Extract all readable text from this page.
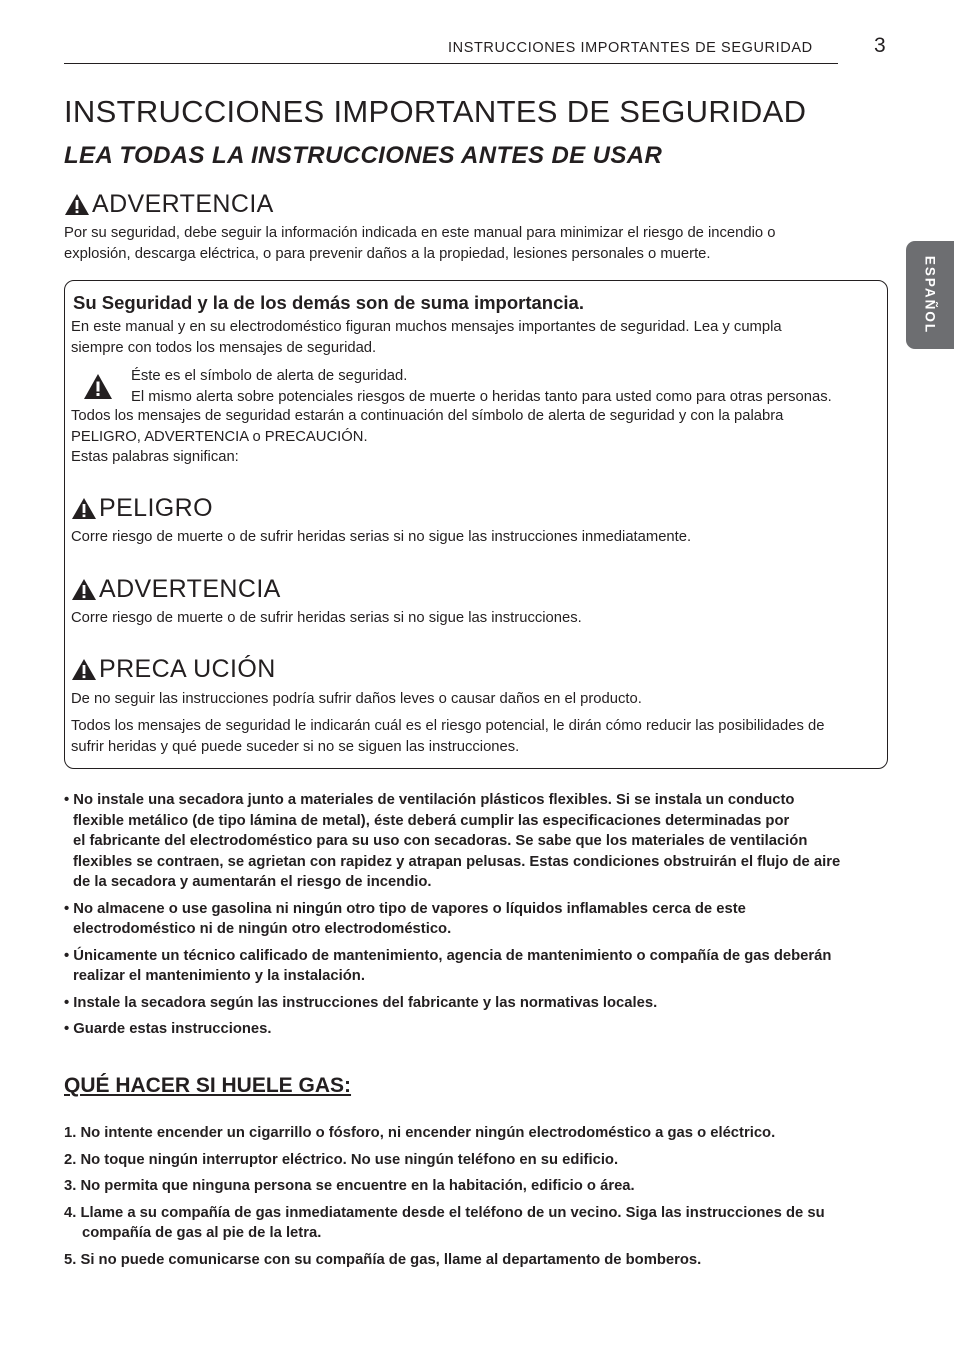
INSTRUCCIONES IMPORTANTES DE SEGURIDAD	3
ESPAÑOL
INSTRUCCIONES IMPORTANTES DE SEGURIDAD
LEA TODAS LA INSTRUCCIONES ANTES DE USAR
ADVERTENCIA
Por su seguridad, debe seguir la información indicada en este manual para minimizar el riesgo de incendio o
explosión, descarga eléctrica, o para prevenir daños a la propiedad, lesiones personales o muerte.
Su Seguridad y la de los demás son de suma importancia.
En este manual y en su electrodoméstico figuran muchos mensajes importantes de seguridad. Lea y cumpla
siempre con todos los mensajes de seguridad.
Éste es el símbolo de alerta de seguridad.
El mismo alerta sobre potenciales riesgos de muerte o heridas tanto para usted como para otras personas.
Todos los mensajes de seguridad estarán a continuación del símbolo de alerta de seguridad y con la palabra
PELIGRO, ADVERTENCIA o PRECAUCIÓN.
Estas palabras significan:
PELIGRO
Corre riesgo de muerte o de sufrir heridas serias si no sigue las instrucciones inmediatamente.
ADVERTENCIA
Corre riesgo de muerte o de sufrir heridas serias si no sigue las instrucciones.
PRECA UCIÓN
De no seguir las instrucciones podría sufrir daños leves o causar daños en el producto.
Todos los mensajes de seguridad le indicarán cuál es el riesgo potencial, le dirán cómo reducir las posibilidades de
sufrir heridas y qué puede suceder si no se siguen las instrucciones.
• No instale una secadora junto a materiales de ventilación plásticos flexibles. Si se instala un conducto
flexible metálico (de tipo lámina de metal), éste deberá cumplir las especificaciones determinadas por
el fabricante del electrodoméstico para su uso con secadoras. Se sabe que los materiales de ventilación
flexibles se contraen, se agrietan con rapidez y atrapan pelusas. Estas condiciones obstruirán el flujo de aire
de la secadora y aumentarán el riesgo de incendio.
• No almacene o use gasolina ni ningún otro tipo de vapores o líquidos inflamables cerca de este
electrodoméstico ni de ningún otro electrodoméstico.
• Únicamente un técnico calificado de mantenimiento, agencia de mantenimiento o compañía de gas deberán
realizar el mantenimiento y la instalación.
• Instale la secadora según las instrucciones del fabricante y las normativas locales.
• Guarde estas instrucciones.
QUÉ HACER SI HUELE GAS:
1. No intente encender un cigarrillo o fósforo, ni encender ningún electrodoméstico a gas o eléctrico.
2. No toque ningún interruptor eléctrico. No use ningún teléfono en su edificio.
3. No permita que ninguna persona se encuentre en la habitación, edificio o área.
4. Llame a su compañía de gas inmediatamente desde el teléfono de un vecino. Siga las instrucciones de su
compañía de gas al pie de la letra.
5. Si no puede comunicarse con su compañía de gas, llame al departamento de bomberos.
